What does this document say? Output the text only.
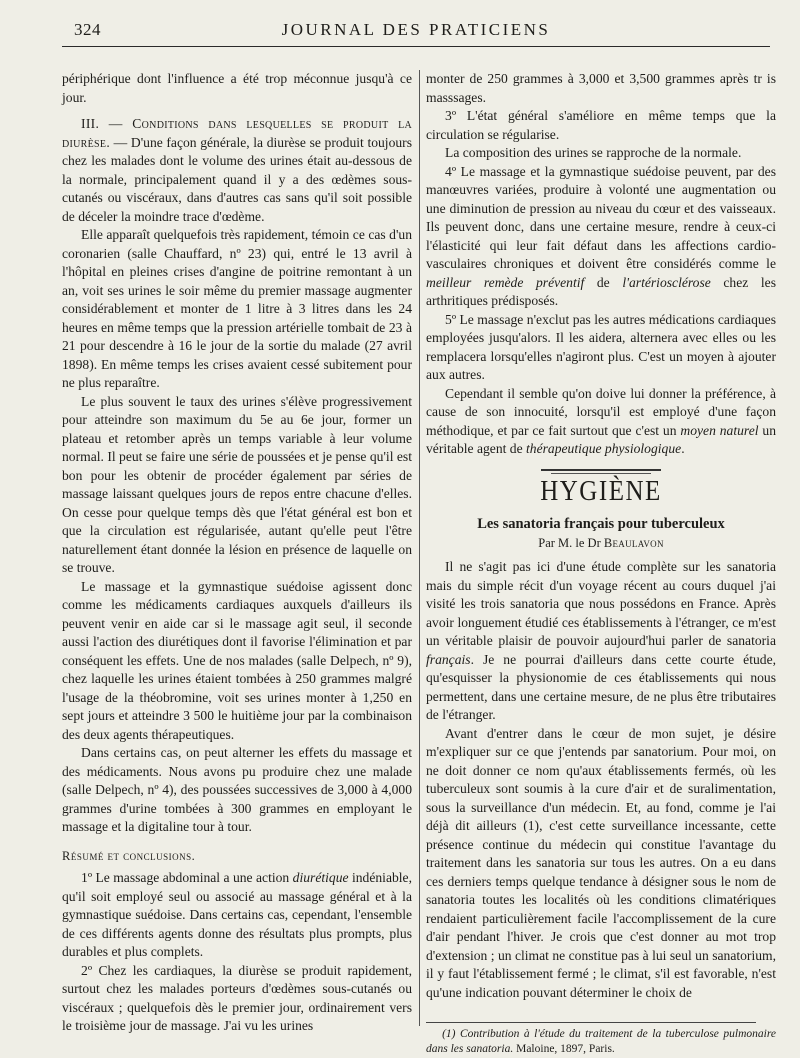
324	JOURNAL DES PRATICIENS

périphérique dont l'influence a été trop méconnue jusqu'à ce jour.

III. — Conditions dans lesquelles se produit la diurèse. — D'une façon générale, la diurèse se produit toujours chez les malades dont le volume des urines était au-dessous de la normale, principalement quand il y a des œdèmes sous-cutanés ou viscéraux, dans d'autres cas sans qu'il soit possible de déceler la moindre trace d'œdème.

Elle apparaît quelquefois très rapidement, témoin ce cas d'un coronarien (salle Chauffard, nº 23) qui, entré le 13 avril à l'hôpital en pleines crises d'angine de poitrine remontant à un an, voit ses urines le soir même du premier massage augmenter considérablement et monter de 1 litre à 3 litres dans les 24 heures en même temps que la pression artérielle tombait de 23 à 21 pour descendre à 16 le jour de la sortie du malade (27 avril 1898). En même temps les crises avaient cessé subitement pour ne plus reparaître.

Le plus souvent le taux des urines s'élève progressivement pour atteindre son maximum du 5e au 6e jour, former un plateau et retomber après un temps variable à leur volume normal. Il peut se faire une série de poussées et je pense qu'il est bon pour les obtenir de procéder également par séries de massage laissant quelques jours de repos entre chacune d'elles. On cesse pour quelque temps dès que l'état général est bon et que la circulation est régularisée, autant qu'elle peut l'être naturellement étant donnée la lésion en présence de laquelle on se trouve.

Le massage et la gymnastique suédoise agissent donc comme les médicaments cardiaques auxquels d'ailleurs ils peuvent venir en aide car si le massage agit seul, il seconde aussi l'action des diurétiques dont il favorise l'élimination et par conséquent les effets. Une de nos malades (salle Delpech, nº 9), chez laquelle les urines étaient tombées à 250 grammes malgré l'usage de la théobromine, voit ses urines monter à 1,250 en sept jours et atteindre 3 500 le huitième jour par la combinaison des deux agents thérapeutiques.

Dans certains cas, on peut alterner les effets du massage et des médicaments. Nous avons pu produire chez une malade (salle Delpech, nº 4), des poussées successives de 3,000 à 4,000 grammes d'urine tombées à 300 grammes en employant le massage et la digitaline tour à tour.

Résumé et conclusions.

1º Le massage abdominal a une action diurétique indéniable, qu'il soit employé seul ou associé au massage général et à la gymnastique suédoise. Dans certains cas, cependant, l'ensemble de ces différents agents donne des résultats plus prompts, plus durables et plus complets.

2º Chez les cardiaques, la diurèse se produit rapidement, surtout chez les malades porteurs d'œdèmes sous-cutanés ou viscéraux ; quelquefois dès le premier jour, ordinairement vers le troisième jour de massage. J'ai vu les urines

monter de 250 grammes à 3,000 et 3,500 grammes après tr is masssages.

3º L'état général s'améliore en même temps que la circulation se régularise.

La composition des urines se rapproche de la normale.

4º Le massage et la gymnastique suédoise peuvent, par des manœuvres variées, produire à volonté une augmentation ou une diminution de pression au niveau du cœur et des vaisseaux. Ils peuvent donc, dans une certaine mesure, rendre à ceux-ci l'élasticité qui leur fait défaut dans les affections cardio-vasculaires chroniques et doivent être considérés comme le meilleur remède préventif de l'artériosclérose chez les arthritiques prédisposés.

5º Le massage n'exclut pas les autres médications cardiaques employées jusqu'alors. Il les aidera, alternera avec elles ou les remplacera lorsqu'elles n'agiront plus. C'est un moyen à ajouter aux autres.

Cependant il semble qu'on doive lui donner la préférence, à cause de son innocuité, lorsqu'il est employé d'une façon méthodique, et par ce fait surtout que c'est un moyen naturel un véritable agent de thérapeutique physiologique.

HYGIÈNE
Les sanatoria français pour tuberculeux
Par M. le Dr Beaulavon

Il ne s'agit pas ici d'une étude complète sur les sanatoria mais du simple récit d'un voyage récent au cours duquel j'ai visité les trois sanatoria que nous possédons en France. Après avoir longuement étudié ces établissements à l'étranger, ce m'est un véritable plaisir de pouvoir aujourd'hui parler de sanatoria français. Je ne pourrai d'ailleurs dans cette courte étude, qu'esquisser la physionomie de ces établissements qui nous permettent, dans une certaine mesure, de ne plus être tributaires de l'étranger.

Avant d'entrer dans le cœur de mon sujet, je désire m'expliquer sur ce que j'entends par sanatorium. Pour moi, on ne doit donner ce nom qu'aux établissements fermés, où les tuberculeux sont soumis à la cure d'air et de suralimentation, sous la surveillance d'un médecin. Et, au fond, comme je l'ai déjà dit ailleurs (1), c'est cette surveillance incessante, cette présence continue du médecin qui constitue l'avantage du traitement dans les sanatoria sur tous les autres. On a eu dans ces derniers temps quelque tendance à désigner sous le nom de sanatoria toutes les localités où les conditions climatériques rendaient particulièrement facile l'accomplissement de la cure d'air pendant l'hiver. Je crois que c'est donner au mot trop d'extension ; un climat ne constitue pas à lui seul un sanatorium, il y faut l'établissement fermé ; le climat, s'il est favorable, n'est qu'une indication pouvant déterminer le choix de

(1) Contribution à l'étude du traitement de la tuberculose pulmonaire dans les sanatoria. Maloine, 1897, Paris.
